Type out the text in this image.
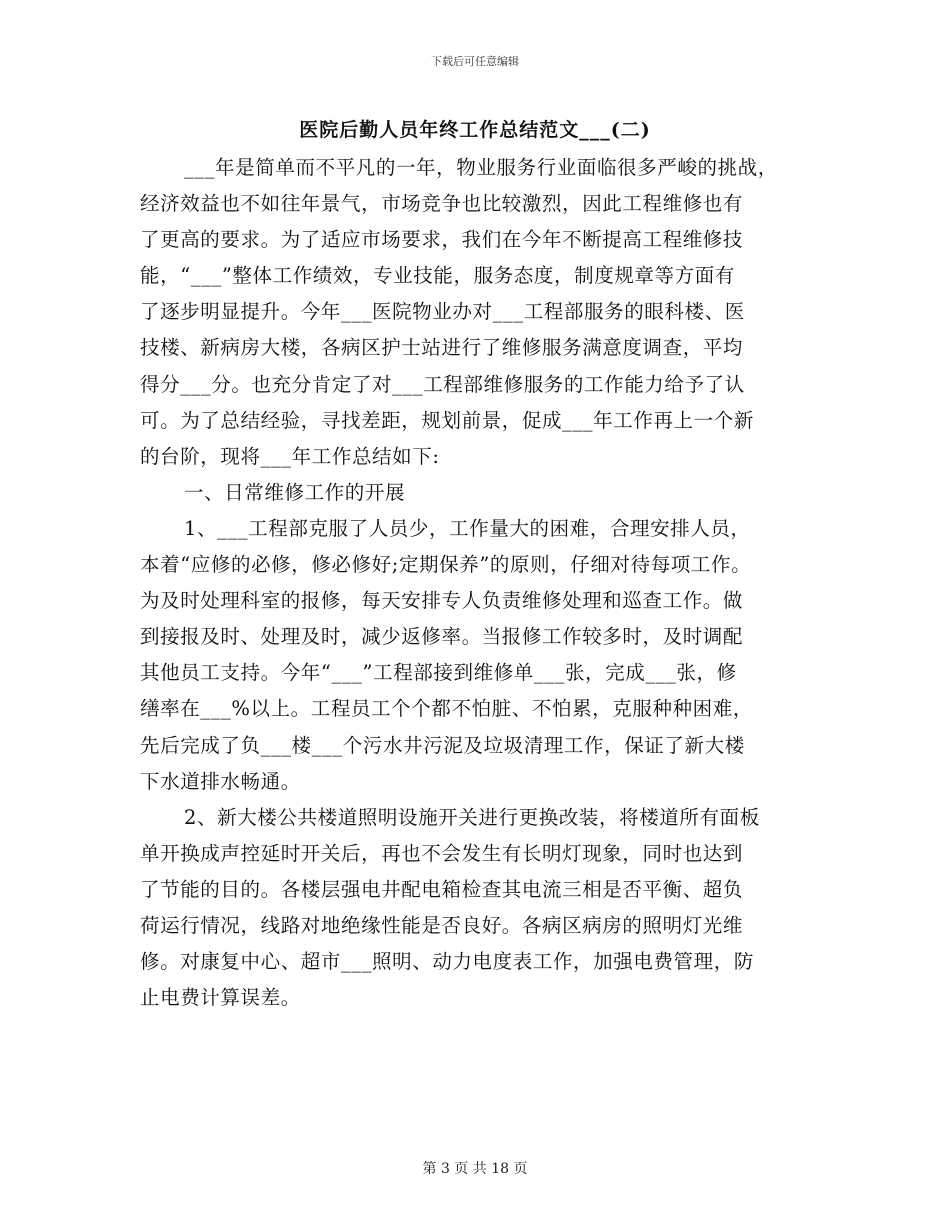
下载后可任意编辑
医院后勤人员年终工作总结范文___(二)
___年是简单而不平凡的一年，物业服务行业面临很多严峻的挑战，
经济效益也不如往年景气，市场竞争也比较激烈，因此工程维修也有
了更高的要求。为了适应市场要求，我们在今年不断提高工程维修技
能，“___”整体工作绩效，专业技能，服务态度，制度规章等方面有
了逐步明显提升。今年___医院物业办对___工程部服务的眼科楼、医
技楼、新病房大楼，各病区护士站进行了维修服务满意度调查，平均
得分___分。也充分肯定了对___工程部维修服务的工作能力给予了认
可。为了总结经验，寻找差距，规划前景，促成___年工作再上一个新
的台阶，现将___年工作总结如下:
一、日常维修工作的开展
1、___工程部克服了人员少，工作量大的困难，合理安排人员，
本着“应修的必修，修必修好;定期保养”的原则，仔细对待每项工作。
为及时处理科室的报修，每天安排专人负责维修处理和巡查工作。做
到接报及时、处理及时，减少返修率。当报修工作较多时，及时调配
其他员工支持。今年“___”工程部接到维修单___张，完成___张，修
缮率在___%以上。工程员工个个都不怕脏、不怕累，克服种种困难，
先后完成了负___楼___个污水井污泥及垃圾清理工作，保证了新大楼
下水道排水畅通。
2、新大楼公共楼道照明设施开关进行更换改装，将楼道所有面板
单开换成声控延时开关后，再也不会发生有长明灯现象，同时也达到
了节能的目的。各楼层强电井配电箱检查其电流三相是否平衡、超负
荷运行情况，线路对地绝缘性能是否良好。各病区病房的照明灯光维
修。对康复中心、超市___照明、动力电度表工作，加强电费管理，防
止电费计算误差。
第 3 页 共 18 页
